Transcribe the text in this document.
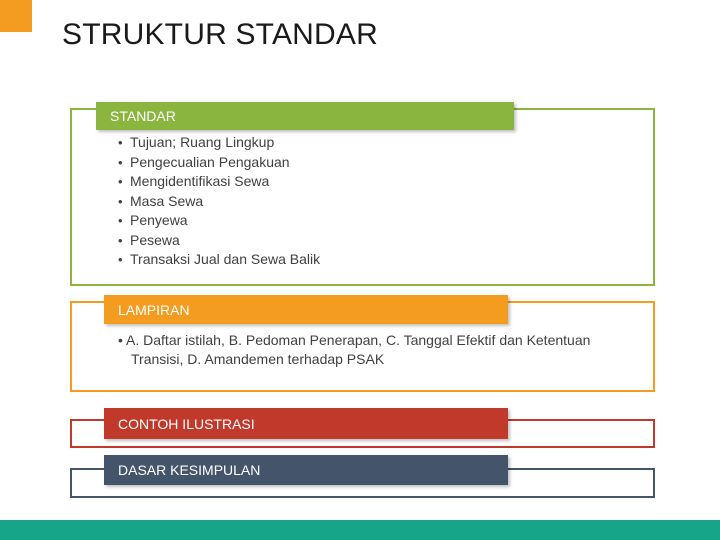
STRUKTUR STANDAR
STANDAR
• Tujuan; Ruang Lingkup
• Pengecualian Pengakuan
• Mengidentifikasi Sewa
• Masa Sewa
• Penyewa
• Pesewa
• Transaksi Jual dan Sewa Balik
LAMPIRAN
• A. Daftar istilah, B. Pedoman Penerapan, C. Tanggal Efektif dan Ketentuan Transisi, D. Amandemen terhadap PSAK
CONTOH ILUSTRASI
DASAR KESIMPULAN
